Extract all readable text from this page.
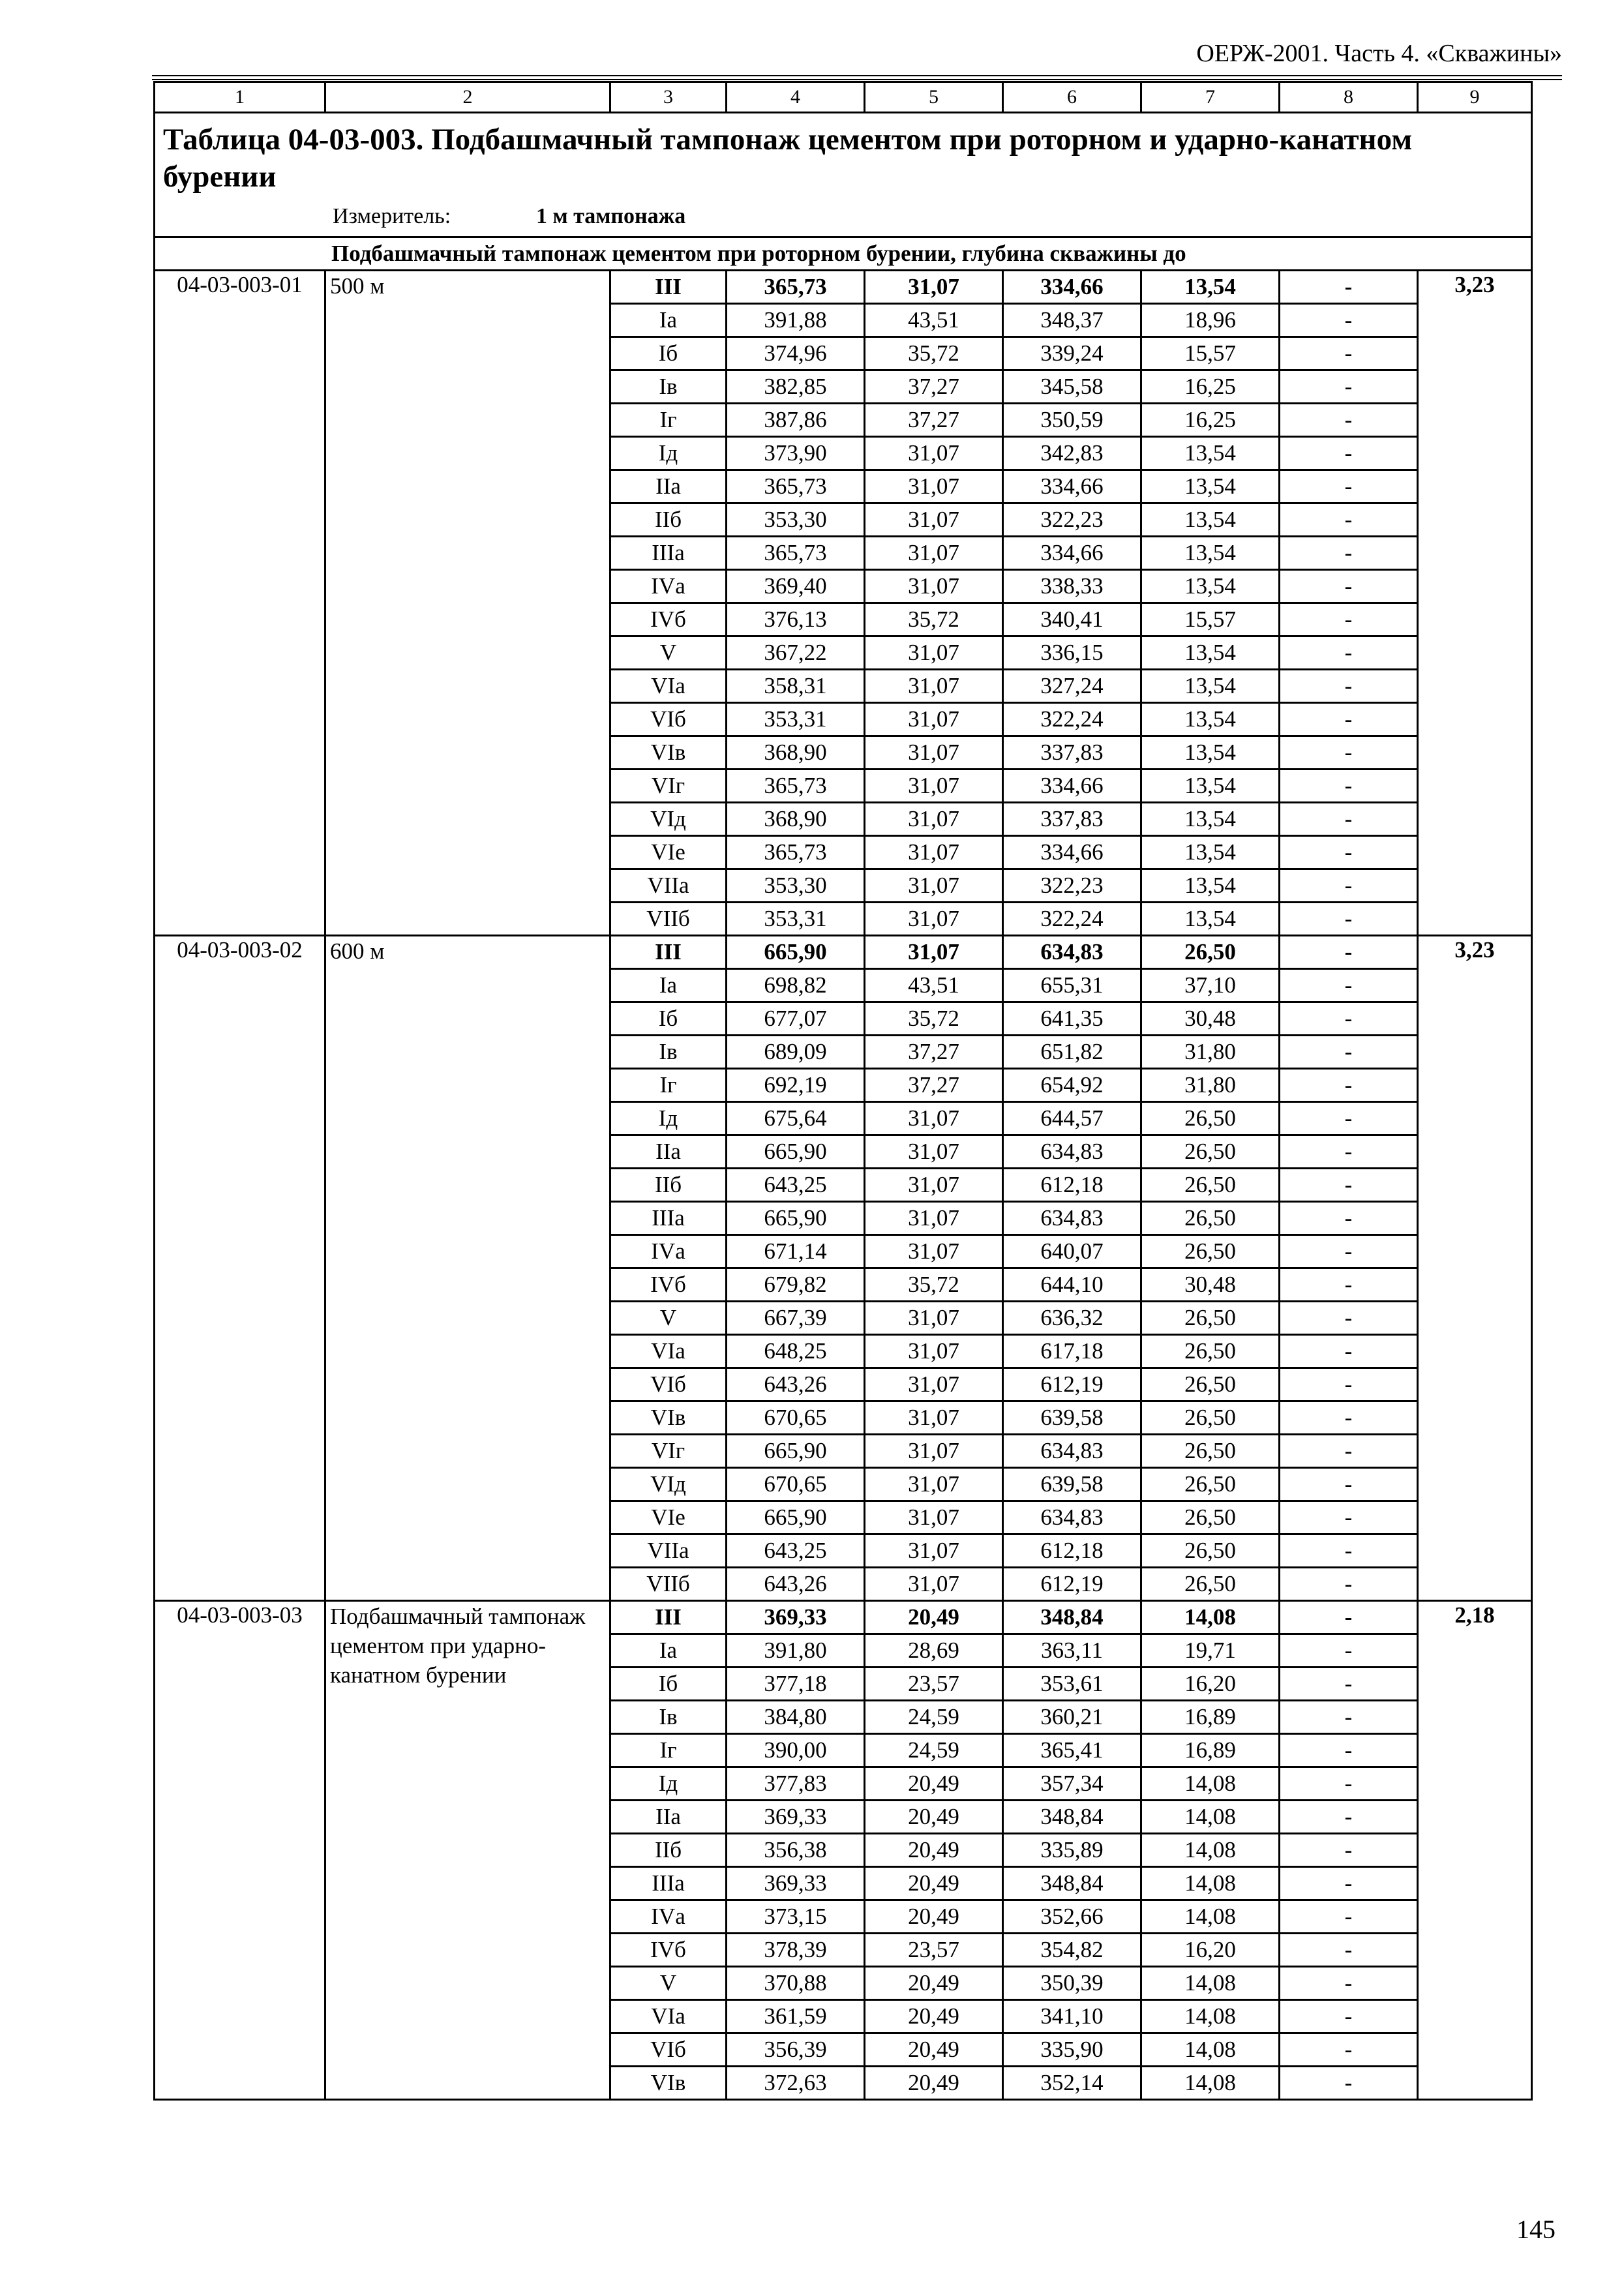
ОЕРЖ-2001. Часть 4. «Скважины»
1	2	3	4	5	6	7	8	9

Таблица 04-03-003. Подбашмачный тампонаж цементом при роторном и ударно-канатном бурении
Измеритель: 1 м тампонажа								

Подбашмачный тампонаж цементом при роторном бурении, глубина скважины до								
04-03-003-01	500 м	III	365,73	31,07	334,66	13,54	-	3,23
		Iа	391,88	43,51	348,37	18,96	-	
		Iб	374,96	35,72	339,24	15,57	-	
		Iв	382,85	37,27	345,58	16,25	-	
		Iг	387,86	37,27	350,59	16,25	-	
		Iд	373,90	31,07	342,83	13,54	-	
		IIа	365,73	31,07	334,66	13,54	-	
		IIб	353,30	31,07	322,23	13,54	-	
		IIIа	365,73	31,07	334,66	13,54	-	
		IVа	369,40	31,07	338,33	13,54	-	
		IVб	376,13	35,72	340,41	15,57	-	
		V	367,22	31,07	336,15	13,54	-	
		VIа	358,31	31,07	327,24	13,54	-	
		VIб	353,31	31,07	322,24	13,54	-	
		VIв	368,90	31,07	337,83	13,54	-	
		VIг	365,73	31,07	334,66	13,54	-	
		VIд	368,90	31,07	337,83	13,54	-	
		VIе	365,73	31,07	334,66	13,54	-	
		VIIа	353,30	31,07	322,23	13,54	-	
		VIIб	353,31	31,07	322,24	13,54	-	
04-03-003-02	600 м	III	665,90	31,07	634,83	26,50	-	3,23
		Iа	698,82	43,51	655,31	37,10	-	
		Iб	677,07	35,72	641,35	30,48	-	
		Iв	689,09	37,27	651,82	31,80	-	
		Iг	692,19	37,27	654,92	31,80	-	
		Iд	675,64	31,07	644,57	26,50	-	
		IIа	665,90	31,07	634,83	26,50	-	
		IIб	643,25	31,07	612,18	26,50	-	
		IIIа	665,90	31,07	634,83	26,50	-	
		IVа	671,14	31,07	640,07	26,50	-	
		IVб	679,82	35,72	644,10	30,48	-	
		V	667,39	31,07	636,32	26,50	-	
		VIа	648,25	31,07	617,18	26,50	-	
		VIб	643,26	31,07	612,19	26,50	-	
		VIв	670,65	31,07	639,58	26,50	-	
		VIг	665,90	31,07	634,83	26,50	-	
		VIд	670,65	31,07	639,58	26,50	-	
		VIе	665,90	31,07	634,83	26,50	-	
		VIIа	643,25	31,07	612,18	26,50	-	
		VIIб	643,26	31,07	612,19	26,50	-	
04-03-003-03	Подбашмачный тампонаж цементом при ударно-канатном бурении	III	369,33	20,49	348,84	14,08	-	2,18
		Iа	391,80	28,69	363,11	19,71	-	
		Iб	377,18	23,57	353,61	16,20	-	
		Iв	384,80	24,59	360,21	16,89	-	
		Iг	390,00	24,59	365,41	16,89	-	
		Iд	377,83	20,49	357,34	14,08	-	
		IIа	369,33	20,49	348,84	14,08	-	
		IIб	356,38	20,49	335,89	14,08	-	
		IIIа	369,33	20,49	348,84	14,08	-	
		IVа	373,15	20,49	352,66	14,08	-	
		IVб	378,39	23,57	354,82	16,20	-	
		V	370,88	20,49	350,39	14,08	-	
		VIа	361,59	20,49	341,10	14,08	-	
		VIб	356,39	20,49	335,90	14,08	-	
		VIв	372,63	20,49	352,14	14,08	-	
145
